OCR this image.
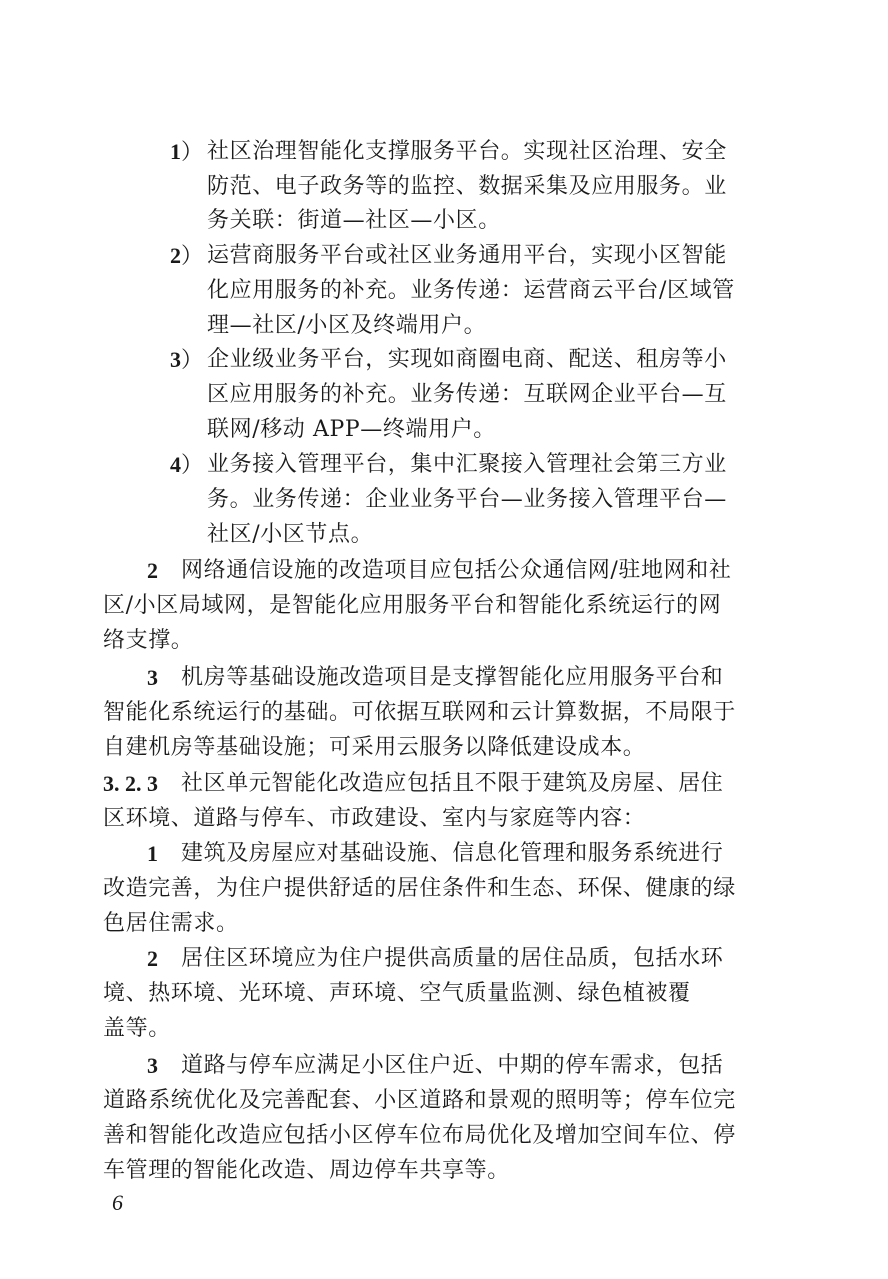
1） 社区治理智能化支撑服务平台。实现社区治理、安全
防范、电子政务等的监控、数据采集及应用服务。业
务关联：街道—社区—小区。
2） 运营商服务平台或社区业务通用平台，实现小区智能
化应用服务的补充。业务传递：运营商云平台/区域管
理—社区/小区及终端用户。
3） 企业级业务平台，实现如商圈电商、配送、租房等小
区应用服务的补充。业务传递：互联网企业平台—互
联网/移动 APP—终端用户。
4） 业务接入管理平台，集中汇聚接入管理社会第三方业
务。业务传递：企业业务平台—业务接入管理平台—
社区/小区节点。
2 网络通信设施的改造项目应包括公众通信网/驻地网和社
区/小区局域网，是智能化应用服务平台和智能化系统运行的网
络支撑。
3 机房等基础设施改造项目是支撑智能化应用服务平台和
智能化系统运行的基础。可依据互联网和云计算数据，不局限于
自建机房等基础设施；可采用云服务以降低建设成本。
3. 2. 3 社区单元智能化改造应包括且不限于建筑及房屋、居住
区环境、道路与停车、市政建设、室内与家庭等内容：
1 建筑及房屋应对基础设施、信息化管理和服务系统进行
改造完善，为住户提供舒适的居住条件和生态、环保、健康的绿
色居住需求。
2 居住区环境应为住户提供高质量的居住品质，包括水环
境、热环境、光环境、声环境、空气质量监测、绿色植被覆
盖等。
3 道路与停车应满足小区住户近、中期的停车需求，包括
道路系统优化及完善配套、小区道路和景观的照明等；停车位完
善和智能化改造应包括小区停车位布局优化及增加空间车位、停
车管理的智能化改造、周边停车共享等。
6
